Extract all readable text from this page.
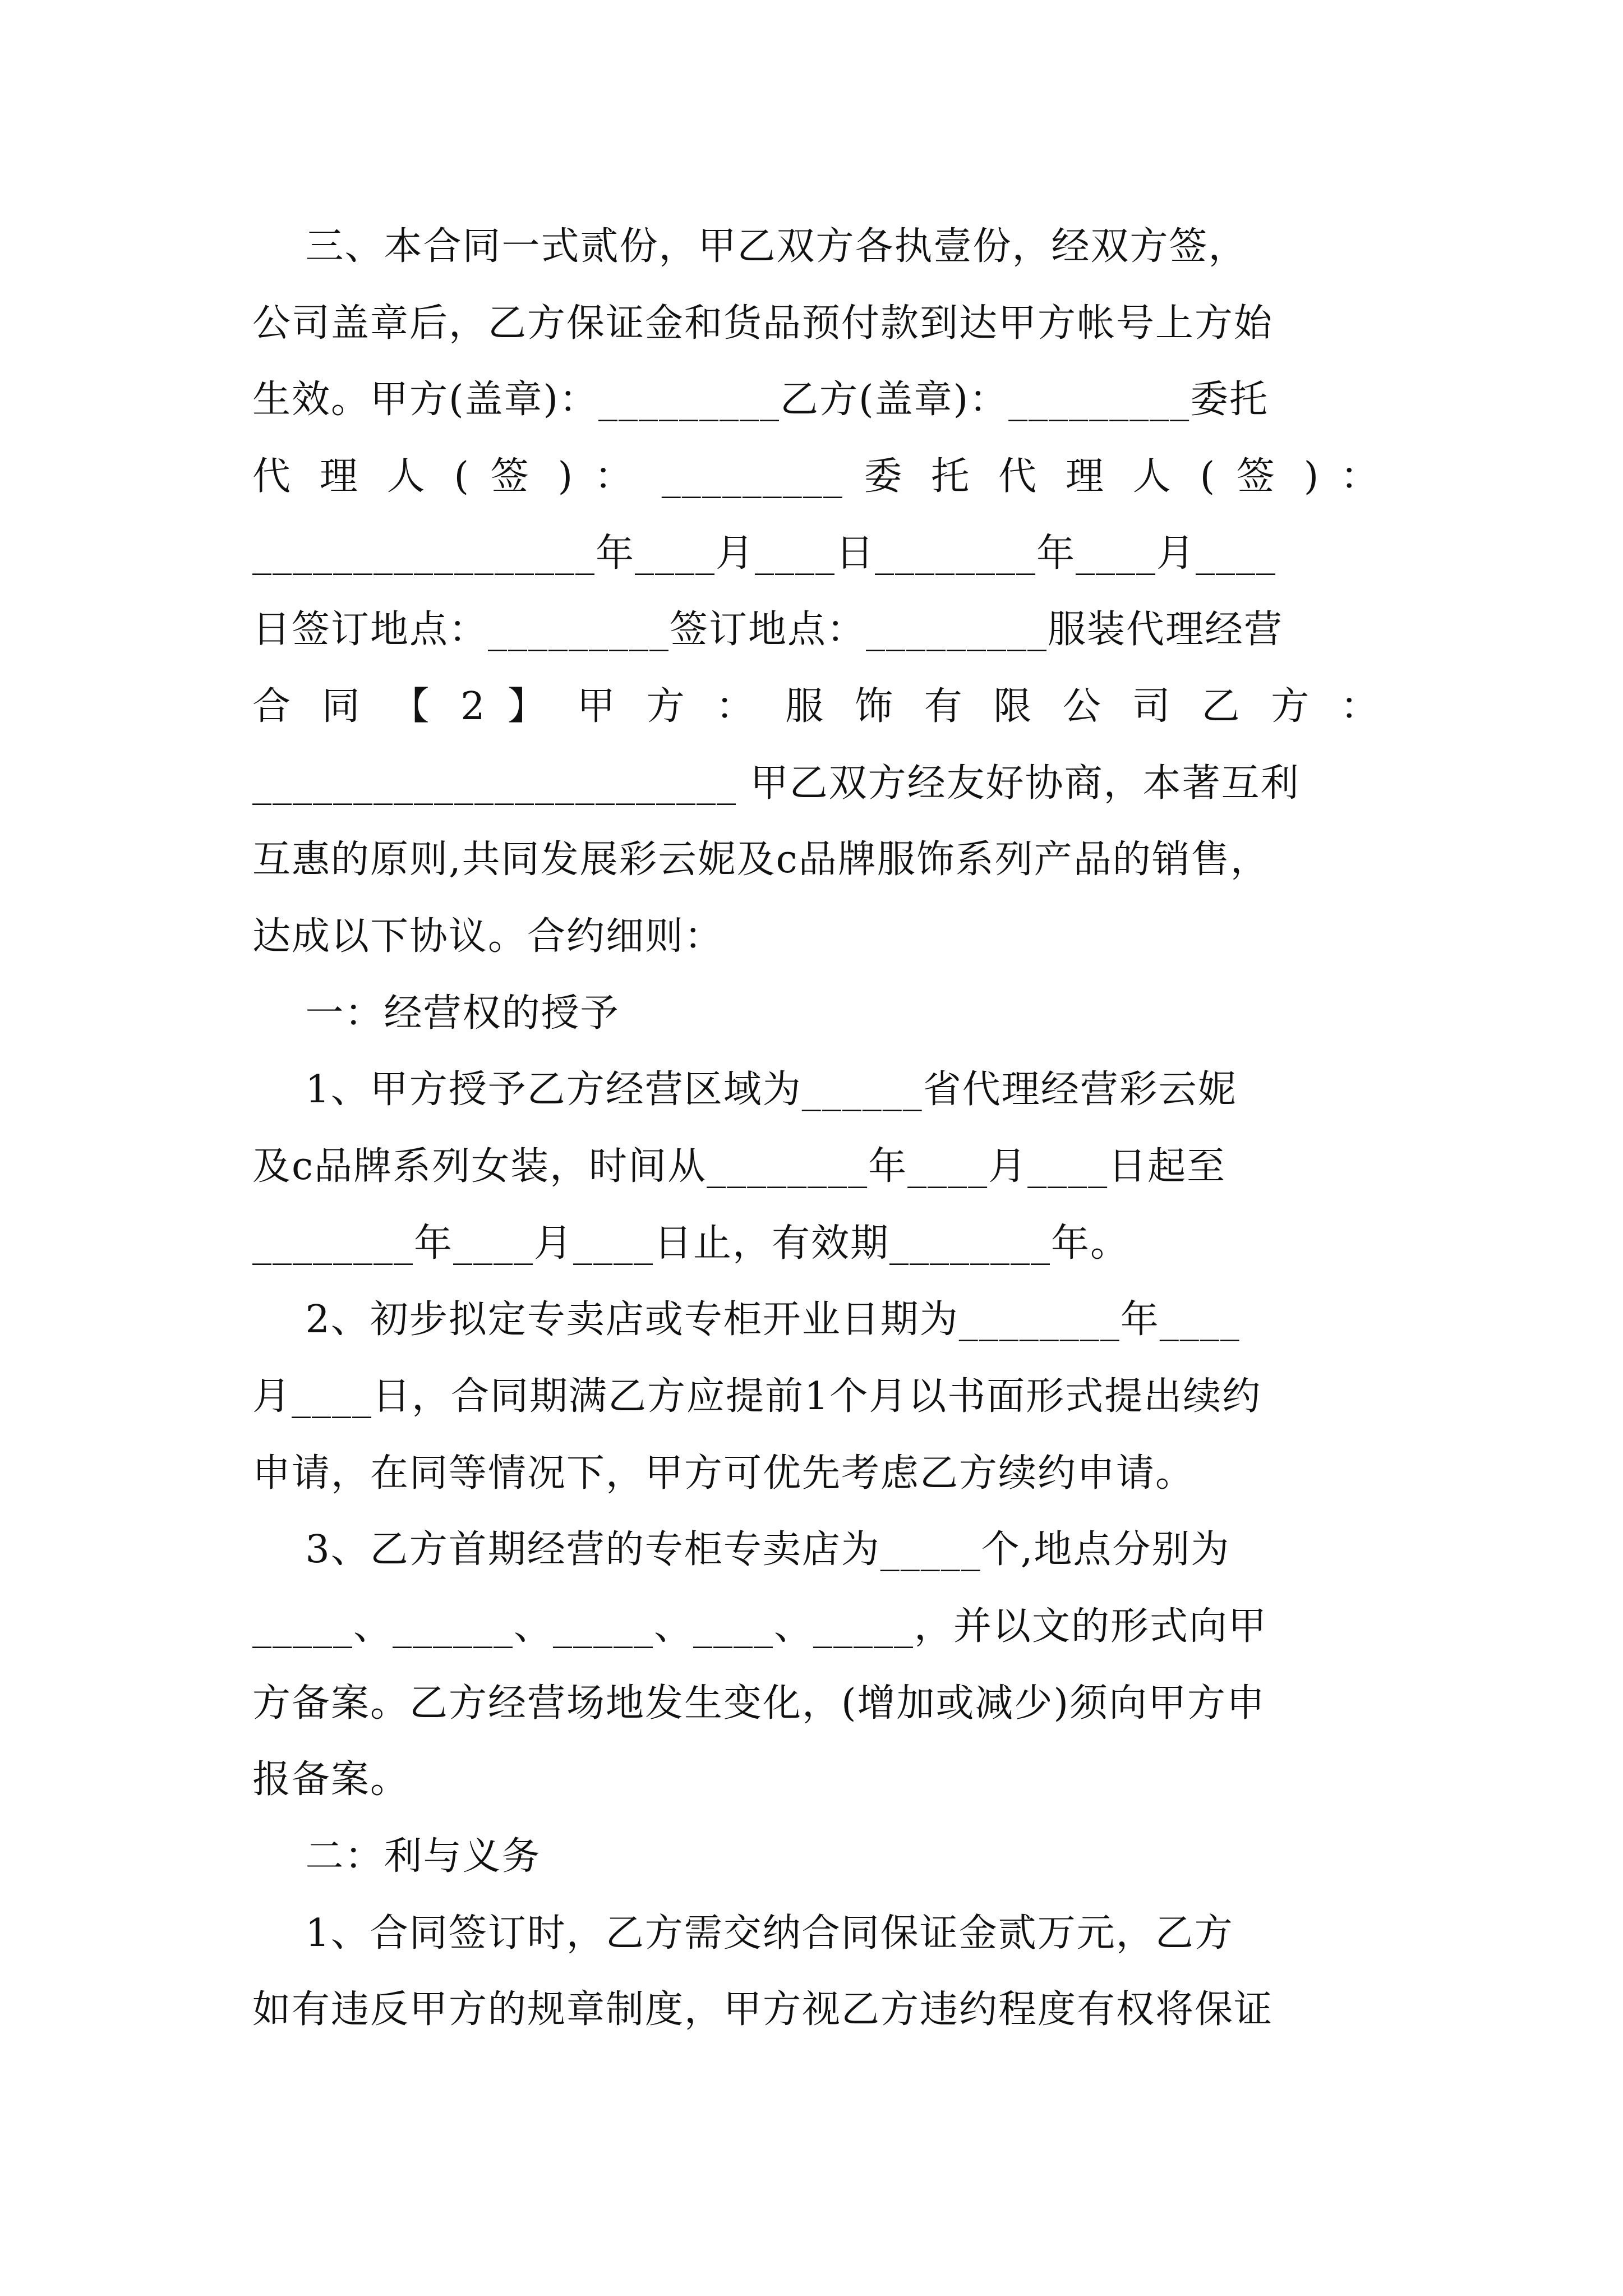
三、本合同一式贰份，甲乙双方各执壹份，经双方签，
公司盖章后，乙方保证金和货品预付款到达甲方帐号上方始
生效。甲方(盖章)：_________乙方(盖章)：_________委托
代 理 人 ( 签 ) ： _________ 委 托 代 理 人 ( 签 ) ：
_________________年____月____日________年____月____
日签订地点：_________签订地点：_________服装代理经营
合 同 【 2 】 甲 方 ： 服 饰 有 限 公 司 乙 方 ：
________________________ 甲乙双方经友好协商，本著互利
互惠的原则,共同发展彩云妮及c品牌服饰系列产品的销售，
达成以下协议。合约细则：
一：经营权的授予
1、甲方授予乙方经营区域为______省代理经营彩云妮
及c品牌系列女装，时间从________年____月____日起至
________年____月____日止，有效期________年。
2、初步拟定专卖店或专柜开业日期为________年____
月____日，合同期满乙方应提前1个月以书面形式提出续约
申请，在同等情况下，甲方可优先考虑乙方续约申请。
3、乙方首期经营的专柜专卖店为_____个,地点分别为
_____、______、_____、____、_____，并以文的形式向甲
方备案。乙方经营场地发生变化，(增加或减少)须向甲方申
报备案。
二：利与义务
1、合同签订时，乙方需交纳合同保证金贰万元，乙方
如有违反甲方的规章制度，甲方视乙方违约程度有权将保证
